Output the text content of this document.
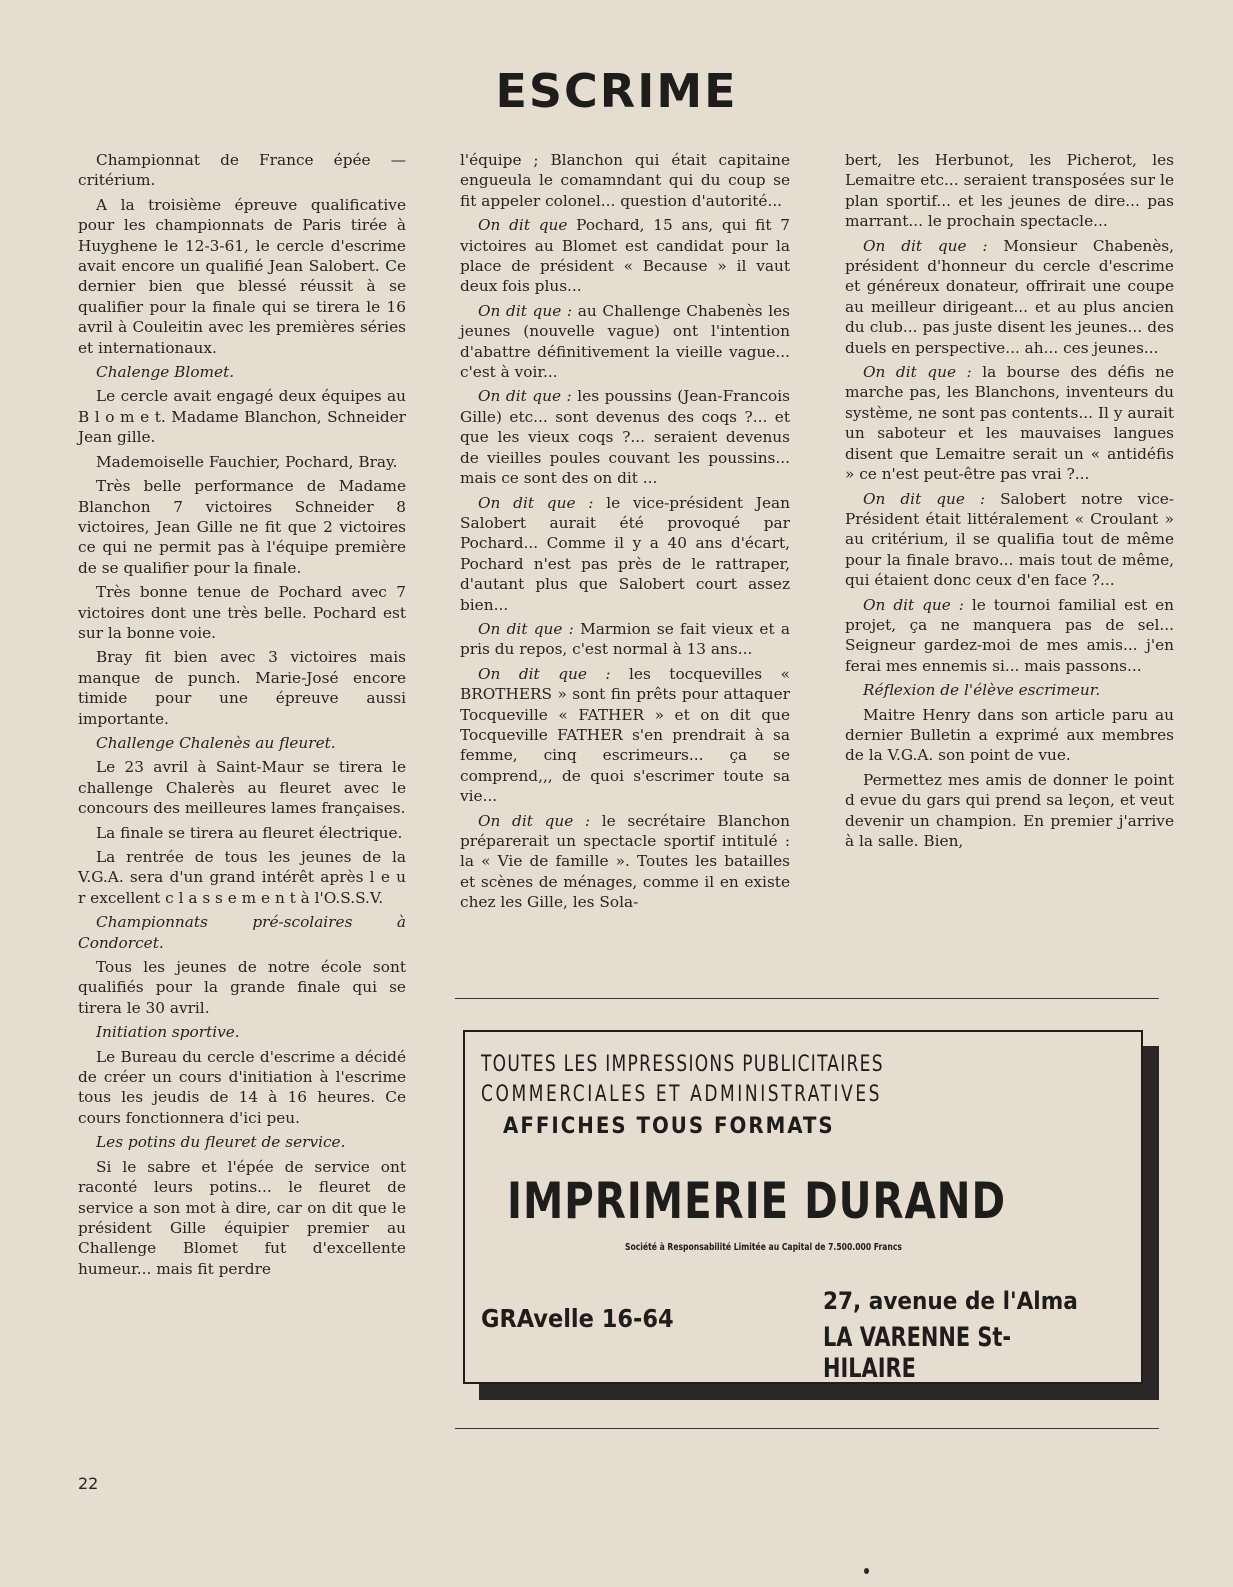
ESCRIME

Championnat de France épée — critérium.

A la troisième épreuve qualificative pour les championnats de Paris tirée à Huyghene le 12-3-61, le cercle d'escrime avait encore un qualifié Jean Salobert. Ce dernier bien que blessé réussit à se qualifier pour la finale qui se tirera le 16 avril à Couleitin avec les premières séries et internationaux.

Chalenge Blomet.

Le cercle avait engagé deux équipes au B l o m e t. Madame Blanchon, Schneider Jean gille.

Mademoiselle Fauchier, Pochard, Bray.

Très belle performance de Madame Blanchon 7 victoires Schneider 8 victoires, Jean Gille ne fit que 2 victoires ce qui ne permit pas à l'équipe première de se qualifier pour la finale.

Très bonne tenue de Pochard avec 7 victoires dont une très belle. Pochard est sur la bonne voie.

Bray fit bien avec 3 victoires mais manque de punch. Marie-José encore timide pour une épreuve aussi importante.

Challenge Chalenès au fleuret.

Le 23 avril à Saint-Maur se tirera le challenge Chalerès au fleuret avec le concours des meilleures lames françaises.

La finale se tirera au fleuret électrique.

La rentrée de tous les jeunes de la V.G.A. sera d'un grand intérêt après l e u r excellent c l a s s e m e n t à l'O.S.S.V.

Championnats pré-scolaires à Condorcet.

Tous les jeunes de notre école sont qualifiés pour la grande finale qui se tirera le 30 avril.

Initiation sportive.

Le Bureau du cercle d'escrime a décidé de créer un cours d'initiation à l'escrime tous les jeudis de 14 à 16 heures. Ce cours fonctionnera d'ici peu.

Les potins du fleuret de service.

Si le sabre et l'épée de service ont raconté leurs potins... le fleuret de service a son mot à dire, car on dit que le président Gille équipier premier au Challenge Blomet fut d'excellente humeur... mais fit perdre

l'équipe ; Blanchon qui était capitaine engueula le comamndant qui du coup se fit appeler colonel... question d'autorité...

On dit que Pochard, 15 ans, qui fit 7 victoires au Blomet est candidat pour la place de président « Becaus​e » il vaut deux fois plus...

On dit que : au Challenge Chabenès les jeunes (nouvelle vague) ont l'intention d'abattre définitivement la vieille vague... c'est à voir...

On dit que : les poussins (Jean-Francois Gille) etc... sont devenus des coqs ?... et que les vieux coqs ?... seraient devenus de vieilles poules couvant les poussins... mais ce sont des on dit ...

On dit que : le vice-président Jean Salobert aurait été provoqué par Pochard... Comme il y a 40 ans d'écart, Pochard n'est pas près de le rattraper, d'autant plus que Salobert court assez bien...

On dit que : Marmion se fait vieux et a pris du repos, c'est normal à 13 ans...

On dit que : les tocquevilles « BROTHERS » sont fin prêts pour attaquer Tocqueville « FATHER » et on dit que Tocqueville FATHER s'en prendrait à sa femme, cinq escrimeurs... ça se comprend,,, de quoi s'escrimer toute sa vie...

On dit que : le secrétaire Blanchon préparerait un spectacle sportif intitulé : la « Vie de famille ». Toutes les batailles et scènes de ménages, comme il en existe chez les Gille, les Sola-

bert, les Herbunot, les Picherot, les Lemaitre etc... seraient transposées sur le plan sportif... et les jeunes de dire... pas marrant... le prochain spectacle...

On dit que : Monsieur Chabenès, président d'honneur du cercle d'escrime et généreux donateur, offrirait une coupe au meilleur dirigeant... et au plus ancien du club... pas juste disent les jeunes... des duels en perspective... ah... ces jeunes...

On dit que : la bourse des défis ne marche pas, les Blanchons, inventeurs du système, ne sont pas contents... Il y aurait un saboteur et les mauvaises langues disent que Lemaitre serait un « antidéfis » ce n'est peut-être pas vrai ?...

On dit que : Salobert notre vice-Président était littéralement « Croulant » au critérium, il se qualifia tout de même pour la finale bravo... mais tout de même, qui étaient donc ceux d'en face ?...

On dit que : le tournoi familial est en projet, ça ne manquera pas de sel... Seigneur gardez-moi de mes amis... j'en ferai mes ennemis si... mais passons...

Réflexion de l'élève escrimeur.

Maitre Henry dans son article paru au dernier Bulletin a exprimé aux membres de la V.G.A. son point de vue.

Permettez mes amis de donner le point d evue du gars qui prend sa leçon, et veut devenir un champion. En premier j'arrive à la salle. Bien,

TOUTES LES IMPRESSIONS PUBLICITAIRES

COMMERCIALES ET ADMINISTRATIVES

AFFICHES TOUS FORMATS

IMPRIMERIE DURAND

Société à Responsabilité Limitée au Capital de 7.500.000 Francs

GRAvelle 16-64

27, avenue de l'Alma

LA VARENNE St-HILAIRE

22
